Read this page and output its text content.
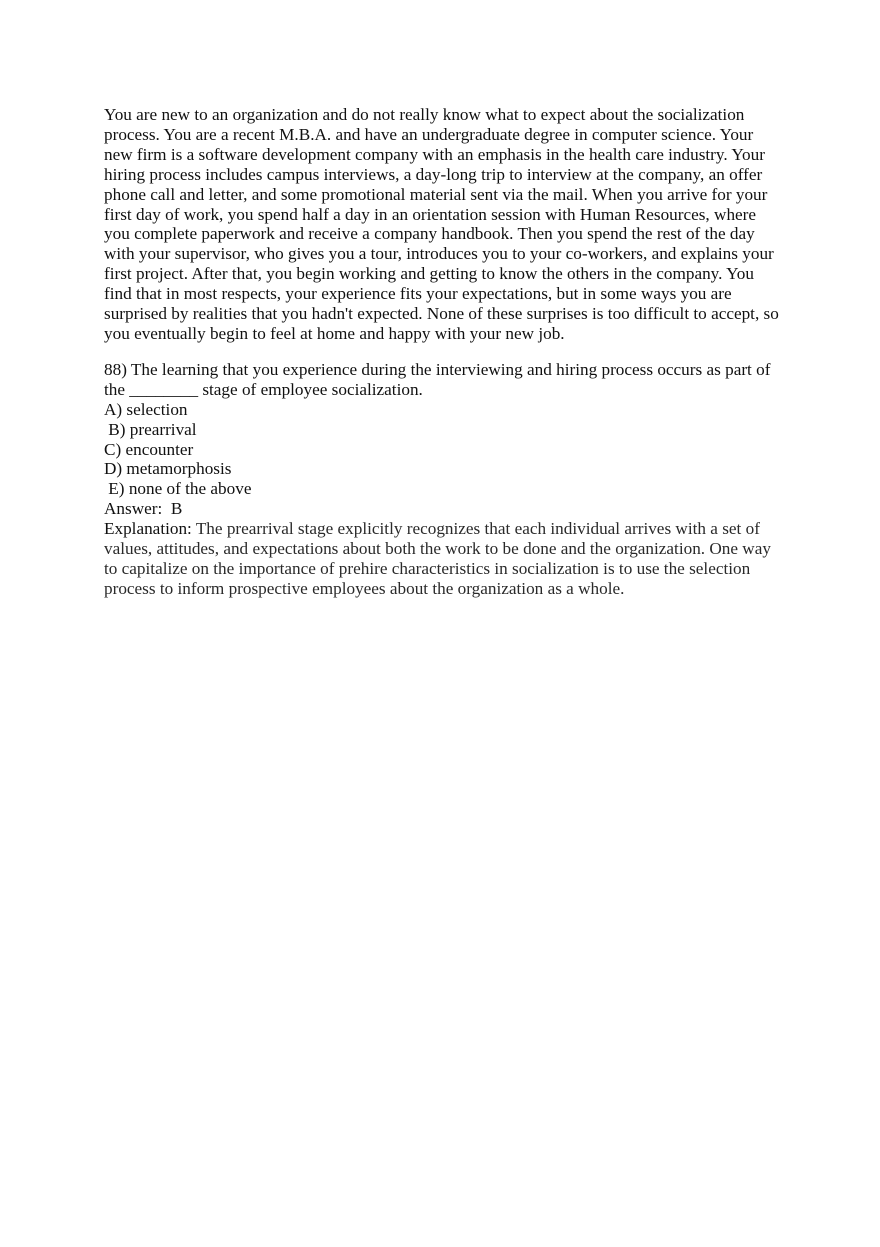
You are new to an organization and do not really know what to expect about the socialization process. You are a recent M.B.A. and have an undergraduate degree in computer science. Your new firm is a software development company with an emphasis in the health care industry. Your hiring process includes campus interviews, a day-long trip to interview at the company, an offer phone call and letter, and some promotional material sent via the mail. When you arrive for your first day of work, you spend half a day in an orientation session with Human Resources, where you complete paperwork and receive a company handbook. Then you spend the rest of the day with your supervisor, who gives you a tour, introduces you to your co-workers, and explains your first project. After that, you begin working and getting to know the others in the company. You find that in most respects, your experience fits your expectations, but in some ways you are surprised by realities that you hadn't expected. None of these surprises is too difficult to accept, so you eventually begin to feel at home and happy with your new job.

88) The learning that you experience during the interviewing and hiring process occurs as part of the ________ stage of employee socialization.

A) selection
B) prearrival
C) encounter
D) metamorphosis
E) none of the above

Answer:  B

Explanation: The prearrival stage explicitly recognizes that each individual arrives with a set of values, attitudes, and expectations about both the work to be done and the organization. One way to capitalize on the importance of prehire characteristics in socialization is to use the selection process to inform prospective employees about the organization as a whole.
